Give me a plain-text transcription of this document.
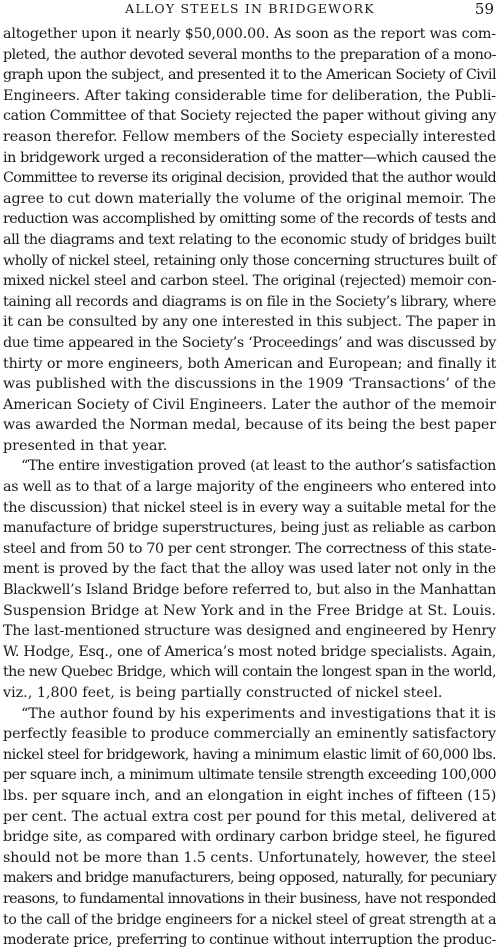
ALLOY STEELS IN BRIDGEWORK	59
altogether upon it nearly $50,000.00. As soon as the report was com-
pleted, the author devoted several months to the preparation of a mono-
graph upon the subject, and presented it to the American Society of Civil
Engineers. After taking considerable time for deliberation, the Publi-
cation Committee of that Society rejected the paper without giving any
reason therefor. Fellow members of the Society especially interested
in bridgework urged a reconsideration of the matter—which caused the
Committee to reverse its original decision, provided that the author would
agree to cut down materially the volume of the original memoir. The
reduction was accomplished by omitting some of the records of tests and
all the diagrams and text relating to the economic study of bridges built
wholly of nickel steel, retaining only those concerning structures built of
mixed nickel steel and carbon steel. The original (rejected) memoir con-
taining all records and diagrams is on file in the Society’s library, where
it can be consulted by any one interested in this subject. The paper in
due time appeared in the Society’s ‘Proceedings’ and was discussed by
thirty or more engineers, both American and European; and finally it
was published with the discussions in the 1909 ‘Transactions’ of the
American Society of Civil Engineers. Later the author of the memoir
was awarded the Norman medal, because of its being the best paper
presented in that year.
“The entire investigation proved (at least to the author’s satisfaction
as well as to that of a large majority of the engineers who entered into
the discussion) that nickel steel is in every way a suitable metal for the
manufacture of bridge superstructures, being just as reliable as carbon
steel and from 50 to 70 per cent stronger. The correctness of this state-
ment is proved by the fact that the alloy was used later not only in the
Blackwell’s Island Bridge before referred to, but also in the Manhattan
Suspension Bridge at New York and in the Free Bridge at St. Louis.
The last-mentioned structure was designed and engineered by Henry
W. Hodge, Esq., one of America’s most noted bridge specialists. Again,
the new Quebec Bridge, which will contain the longest span in the world,
viz., 1,800 feet, is being partially constructed of nickel steel.
“The author found by his experiments and investigations that it is
perfectly feasible to produce commercially an eminently satisfactory
nickel steel for bridgework, having a minimum elastic limit of 60,000 lbs.
per square inch, a minimum ultimate tensile strength exceeding 100,000
lbs. per square inch, and an elongation in eight inches of fifteen (15)
per cent. The actual extra cost per pound for this metal, delivered at
bridge site, as compared with ordinary carbon bridge steel, he figured
should not be more than 1.5 cents. Unfortunately, however, the steel
makers and bridge manufacturers, being opposed, naturally, for pecuniary
reasons, to fundamental innovations in their business, have not responded
to the call of the bridge engineers for a nickel steel of great strength at a
moderate price, preferring to continue without interruption the produc-
